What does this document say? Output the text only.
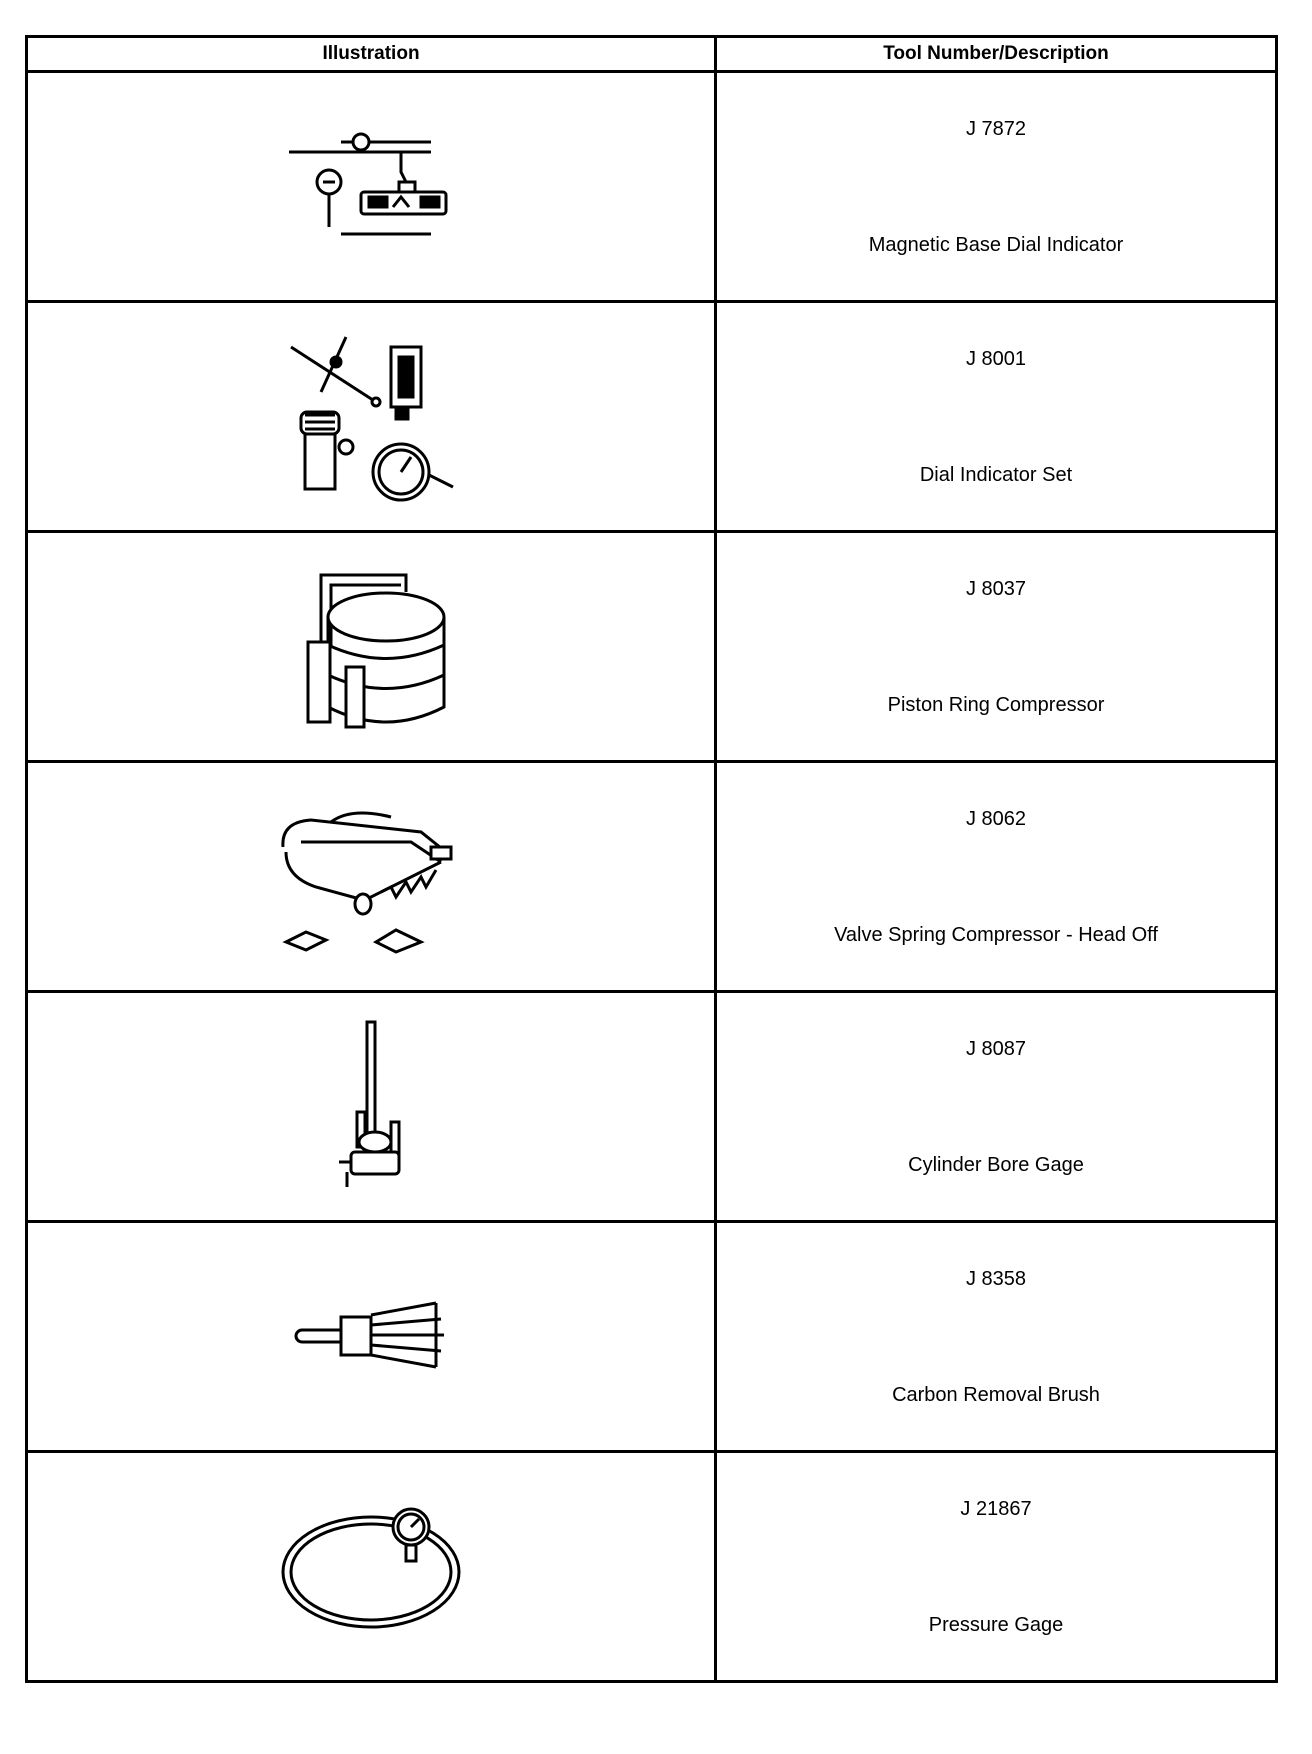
Illustration	Tool Number/Description

J 7872
Magnetic Base Dial Indicator

J 8001
Dial Indicator Set

J 8037
Piston Ring Compressor

J 8062
Valve Spring Compressor - Head Off

J 8087
Cylinder Bore Gage

J 8358
Carbon Removal Brush

J 21867
Pressure Gage
